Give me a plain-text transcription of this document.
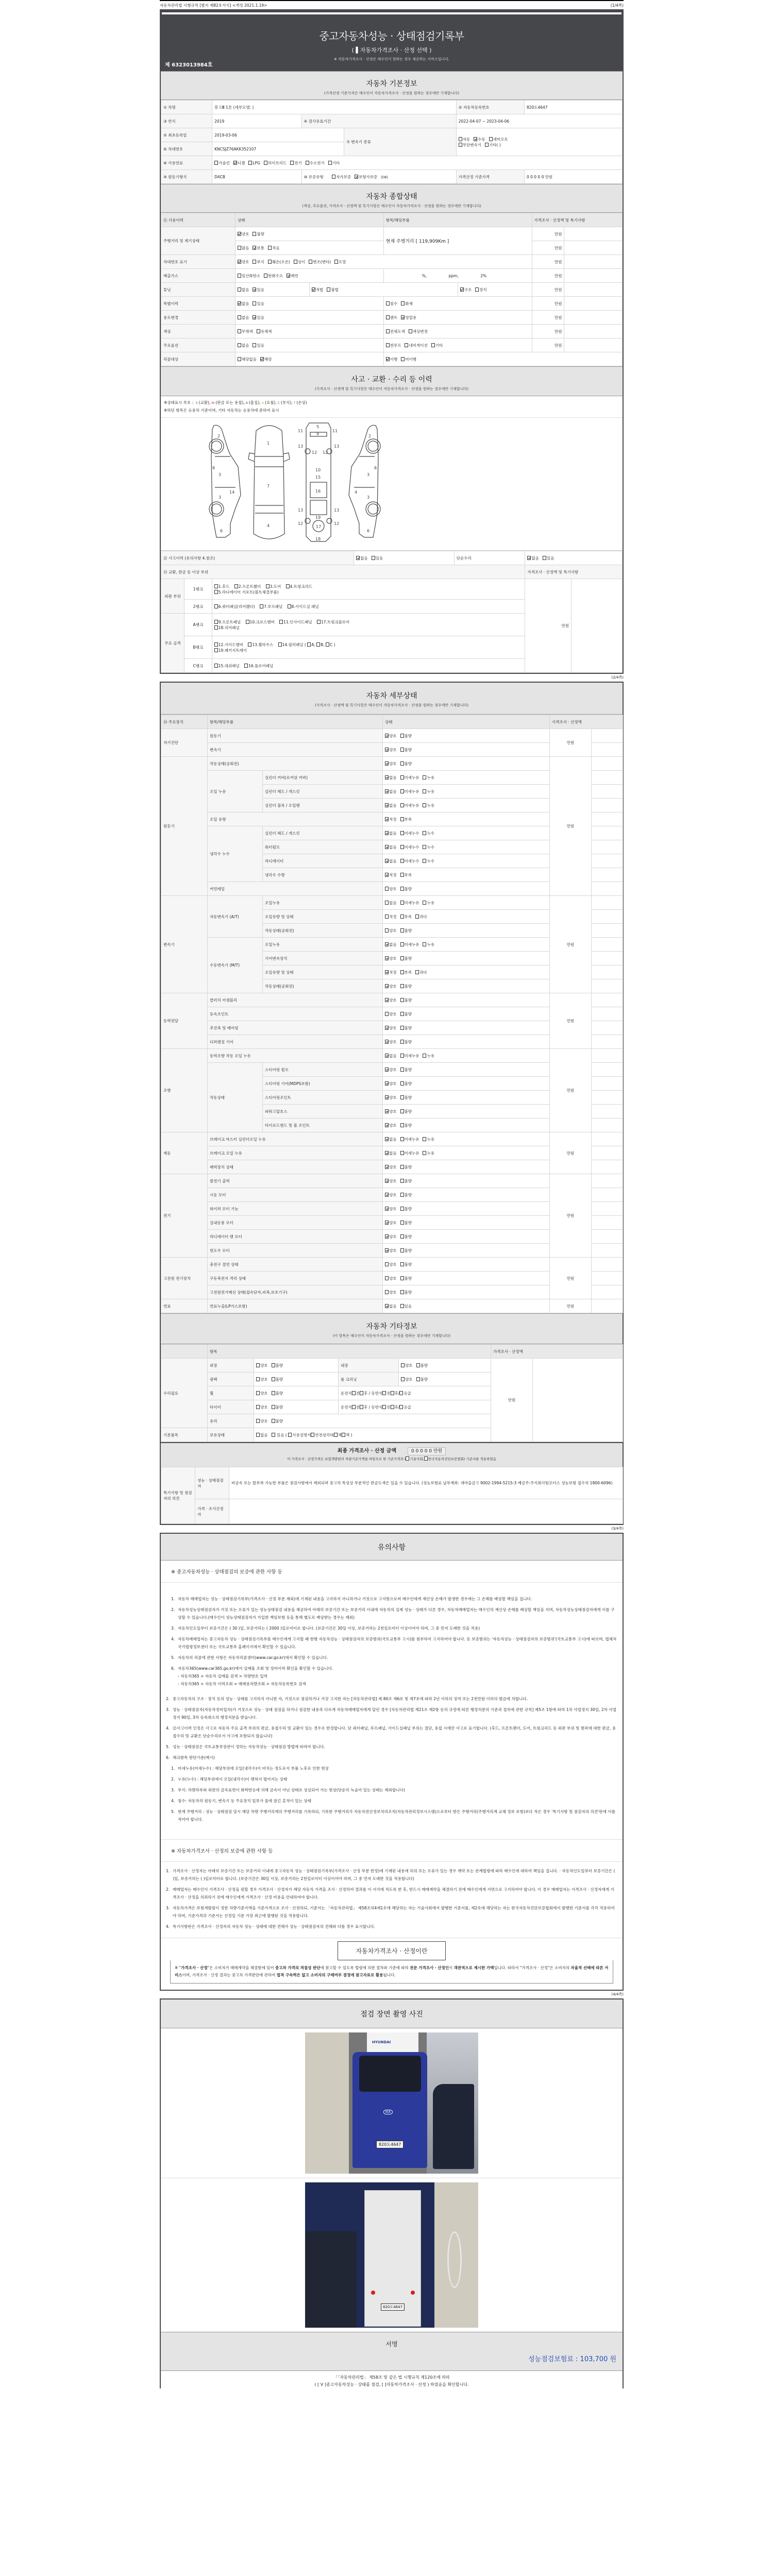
자동차관리법 시행규칙 [별지 제82호서식] <개정 2021.1.19>	(1/4쪽)
중고자동차성능 · 상태점검기록부
( ▌자동차가격조사 · 산정 선택 )
※ 자동차가격조사 · 산정은 매수인이 원하는 경우 제공하는 서비스입니다.
제 6323013984호
자동차 기본정보
(가격산정 기준가격은 매수인이 자동차가격조사 · 산정을 원하는 경우에만 기재합니다)
① 차명	봉고Ⅲ 1톤 (세부모델: )			② 자동차등록번호	820도4647
③ 연식	2019	④ 검사유효기간		2022-04-07 ~ 2023-04-06	
⑤ 최초등록일	2019-03-06		⑦ 변속기 종류	자동 수동 세미오토
무단변속기 기타( )	

⑥ 차대번호	KNCSJZ76AKK352107				
⑧ 사용연료	가솔린 디젤 LPG 하이브리드 전기 수소전기 기타				

⑨ 원동기형식	D4CB	⑩ 보증유형 자가보증 보험사보증 [DB]		가격산정 기준가격	0 0 0 0 0 만원
자동차 종합상태
(색상, 주요옵션, 가격조사 · 산정액 및 특기사항은 매수인이 자동차가격조사 · 산정을 원하는 경우에만 기재합니다)
⑪ 사용이력	상태		항목/해당부품		가격조사 · 산정액 및 특기사항	
주행거리 및 계기상태	양호 불량		현재 주행거리 [ 119,909Km ]		만원	
	많음 보통 적음				만원	
차대번호 표기	양호 부식 훼손(오손) 상이 변조(변타) 도말				만원	
배출가스	일산화탄소 탄화수소 매연		%, ppm, 2%		만원	
튜닝	없음 있음	적법 불법		구조 장치	만원	
특별이력	없음 있음		침수 화재		만원	
용도변경	없음 있음		렌트 영업용		만원	
색상	무채색 유채색		전체도색 색상변경		만원	
주요옵션	없음 있음		썬루프 네비게이션 기타		만원	
리콜대상	해당없음 해당		이행 미이행			
사고 · 교환 · 수리 등 이력
(가격조사 · 산정액 및 특기사항은 매수인이 자동차가격조사 · 산정을 원하는 경우에만 기재합니다)
※상태표시 부호 : X (교환), W (판금 또는 용접), A (흠집), U (요철), C (부식), T (손상)
※하단 항목은 승용차 기준이며, 기타 자동차는 승용차에 준하여 표시
2
3
3
8
14
6
1
7
4
5
9
10
15
16
17
18
19
11	11
13	13
12 12
13	13
12	12
2
3
3
8
4
6
⑫ 사고이력 (유의사항 4.참조)			없음 있음	단순수리	없음 있음	
⑬ 교환, 판금 등 이상 부위					가격조사 · 산정액 및 특기사항	
외판 부위	1랭크	1.후드 2.프론트휀더 3.도어 4.트렁크리드
5.라디에이터 서포트(볼트체결부품)			만원	
	2랭크	6.쿼터패널(리어휀다) 7.루프패널 8.사이드실 패널				
주요 골격	A랭크	9.프론트패널 10.크로스멤버 11.인사이드패널 17.트렁크플로어
18.리어패널				
	B랭크	12.사이드멤버 13.휠하우스 14.필러패널 ( A, B, C )
19.패키지트레이				
	C랭크	15.대쉬패널 16.플로어패널				
(2/4쪽)
자동차 세부상태
(가격조사 · 산정액 및 특기사항은 매수인이 자동차가격조사 · 산정을 원하는 경우에만 기재합니다)
⑭ 주요장치	항목/해당부품		상태	가격조사 · 산정액	
자기진단	원동기		양호 불량	만원	
	변속기		양호 불량		
원동기	작동상태(공회전)		양호 불량	만원	
	오일 누유	실린더 커버(로커암 커버)	없음 미세누유 누유		
		실린더 헤드 / 개스킷	없음 미세누유 누유		
		실린더 블록 / 오일팬	없음 미세누유 누유		
	오일 유량		적정 부족		
	냉각수 누수	실린더 헤드 / 개스킷	없음 미세누수 누수		
		워터펌프	없음 미세누수 누수		
		라디에이터	없음 미세누수 누수		
		냉각수 수량	적정 부족		
	커먼레일		양호 불량		
변속기	자동변속기 (A/T)	오일누유	없음 미세누유 누유	만원	
		오일유량 및 상태	적정 부족 과다		
		작동상태(공회전)	양호 불량		
	수동변속기 (M/T)	오일누유	없음 미세누유 누유		
		기어변속장치	양호 불량		
		오일유량 및 상태	적정 부족 과다		
		작동상태(공회전)	양호 불량		
동력전달	클러치 어셈블리		양호 불량	만원	
	등속조인트		양호 불량		
	추진축 및 베어링		양호 불량		
	디퍼렌셜 기어		양호 불량		
조향	동력조향 작동 오일 누유		없음 미세누유 누유	만원	
	작동상태	스티어링 펌프	양호 불량		
		스티어링 기어(MDPS포함)	양호 불량		
		스티어링조인트	양호 불량		
		파워고압호스	양호 불량		
		타이로드엔드 및 볼 조인트	양호 불량		
제동	브레이크 마스터 실린더오일 누유		없음 미세누유 누유	만원	
	브레이크 오일 누유		없음 미세누유 누유		
	배력장치 상태		양호 불량		
전기	발전기 출력		양호 불량	만원	
	시동 모터		양호 불량		
	와이퍼 모터 기능		양호 불량		
	실내송풍 모터		양호 불량		
	라디에이터 팬 모터		양호 불량		
	윈도우 모터		양호 불량		
고전원 전기장치	충전구 절연 상태		양호 불량	만원	
	구동축전지 격리 상태		양호 불량		
	고전원전기배선 상태(접속단자,피복,보호기구)		양호 불량		
연료	연료누출(LP가스포함)		없음 있음	만원	
자동차 기타정보
(이 항목은 매수인이 자동차가격조사 · 산정을 원하는 경우에만 기재합니다)
	항목				가격조사 · 산정액	
수리필요	외장	양호 불량	내장	양호 불량	만원	
	광택	양호 불량	룸 크리닝	양호 불량		
	휠	양호 불량	운전석 전 후 / 동반석 전 후/ 응급			
	타이어	양호 불량	운전석 전 후 / 동반석 전 후/ 응급			
	유리	양호 불량				
기본품목	보유상태	없음 있음 ( 사용설명서 안전삼각대 잭 잭 )				
최종 가격조사 · 산정 금액	0 0 0 0 0 만원
이 가격조사 · 산정가격은 보험개발원의 차량기준가액을 바탕으로 한 기준가격과 ( 기술사회, 한국자동차진단보증협회) 기준서를 적용하였음
특기사항 및 점검자의 의견	성능 · 상태점검자	비금속 또는 탈부착 가능한 부품은 점검사항에서 제외되며 중고차 특성상 부분적인 판금도색은 있을 수 있습니다. (성능보험료 납부계좌: 새마을금고 9002-1994-5215-3 예금주:주식회사팀모터스 성능보험 접수처 1800-6096)
	가격 · 조사산정자	
(3/4쪽)
유의사항
※ 중고자동차성능 · 상태점검의 보증에 관한 사항 등

1. 자동차 매매업자는 성능 · 상태점검기록부(가격조사 · 산정 부분 제외)에 기재된 내용을 고지하지 아니하거나 거짓으로 고지함으로써 매수인에게 재산상 손해가 발생한 경우에는 그 손해를 배상할 책임을 집니다.

2. 자동차성능상태점검자가 거짓 또는 오류가 있는 성능상태점검 내용을 제공하여 아래의 보증기간 또는 보증거리 이내에 자동차의 실제 성능 · 상태가 다른 경우, 자동차매매업자는 매수인의 재산상 손해를 배상할 책임을 지며, 자동차성능상태점검자에게 이를 구상할 수 있습니다.(매수인이 성능상태점검자가 가입한 책임보험 등을 통해 별도로 배상받는 경우는 제외)

3. 자동차인도일부터 보증기간은 ( 30 )일, 보증거리는 ( 2000 )킬로미터로 합니다. (보증기간은 30일 이상, 보증거리는 2천킬로미터 이상이어야 하며, 그 중 먼저 도래한 것을 적용)

4. 자동차매매업자는 중고자동차 성능 · 상태점검기록부를 매수인에게 고지할 때 현행 자동차성능 · 상태점검자의 보증범위(국토교통부 고시)를 첨부하여 고지하여야 합니다. 동 보증범위는 '자동차성능 · 상태점검자의 보증범위'(국토교통부 고시)에 따르며, 법제처 국가법령정보센터 또는 국토교통부 홈페이지에서 확인할 수 있습니다.

5. 자동차의 리콜에 관한 사항은 자동차리콜센터(www.car.go.kr)에서 확인할 수 있습니다.

6. 자동차365(www.car365.go.kr)에서 실매물 조회 및 정비이력 확인을 확인할 수 있습니다.
- 자동차365 > 자동차 실매물 검색 > 차량번호 입력
- 자동차365 > 자동차 이력조회 > 매매용차량조회 > 자동차등록번호 검색

2. 중고자동차의 구조 · 장치 등의 성능 · 상태를 고지하지 아니한 자, 거짓으로 점검하거나 거짓 고지한 자는 [자동차관리법] 제 80조 제6호 및 제7호에 따라 2년 이하의 징역 또는 2천만원 이하의 벌금에 처합니다.

3. 성능 · 상태점검자(자동차정비업자)가 거짓으로 성능 · 상태 점검을 하거나 점검한 내용과 다르게 자동차매매업자에게 알린 경우 [자동차관리법 제21조 제2항 등의 규정에 따른 행정처분의 기준과 절차에 관한 규칙] 제5조 1항에 따라 1차 사업정지 30일, 2차 사업정지 90일, 3차 등록취소의 행정처분을 받습니다.

4. ⑫사고이력 인정은 사고로 자동차 주요 골격 부위의 판금, 용접수리 및 교환이 있는 경우로 한정합니다. 단 쿼터패널, 루프패널, 사이드실패널 부위는 절단, 용접 시에만 사고로 표기합니다. (후드, 프론트펜더, 도어, 트렁크리드 등 외판 부위 및 범퍼에 대한 판금, 용접수리 및 교환은 단순수리로서 사고에 포함되지 않습니다)

5. 성능 · 상태점검은 국토교통부장관이 정하는 자동차성능 · 상태점검 방법에 따라야 합니다.

6. 체크항목 판단기준(예시)

1. 미세누유(미세누수) : 해당부위에 오일(냉각수)이 비치는 정도로서 부품 노후로 인한 현상

2. 누유(누수) : 해당부위에서 오일(냉각수)이 맺혀서 떨어지는 상태

3. 부식: 차량하부와 외판의 금속표면이 화학반응에 의해 금속이 아닌 상태로 상실되어 가는 현상(단순히 녹슬어 있는 상태는 제외합니다)

4. 침수: 자동차의 원동기, 변속기 등 주요장치 일부가 물에 잠긴 흔적이 있는 상태

5. 현재 주행거리 : 성능 · 상태점검 당시 해당 차량 주행거리계의 주행거리를 기록하되, 기록한 주행거리가 자동차전산정보처리조직(자동차관리정보시스템)으로부터 받은 주행거리(주행거리계 교체 정보 포함)보다 적은 경우 '특기사항 및 점검자의 의견'란에 이를 적어야 합니다.

※ 자동차가격조사 · 산정의 보증에 관한 사항 등

1. 가격조사 · 산정자는 아래의 보증기간 또는 보증거리 이내에 중고자동차 성능 · 상태점검기록부(가격조사 · 산정 부분 한정)에 기재된 내용에 허위 또는 오류가 있는 경우 계약 또는 관계법령에 따라 매수인에 대하여 책임을 집니다. · 자동차인도일부터 보증기간은 ( )일, 보증거리는 ( )킬로미터로 합니다. (보증기간은 30일 이상, 보증거리는 2천킬로미터 이상이어야 하며, 그 중 먼저 도래한 것을 적용합니다)

2. 매매업자는 매수인이 가격조사 · 산정을 원할 경우 가격조사 · 산정자가 해당 자동차 가격을 조사 · 산정하여 결과를 이 서식에 적도록 한 후, 반드시 매매계약을 체결하기 전에 매수인에게 서면으로 고지하여야 합니다. 이 경우 매매업자는 가격조사 · 산정자에게 가격조사 · 산정을 의뢰하기 전에 매수인에게 가격조사 · 산정 비용을 안내하여야 합니다.

3. 자동차가격은 보험개발원이 정한 차량기준가액을 기준가격으로 조사 · 산정하되, 기준서는 「자동차관리법」 제58조의4제1호에 해당하는 자는 기술사회에서 발행한 기준서를, 제2호에 해당하는 자는 한국자동차진단보증협회에서 발행한 기준서를 각각 적용하여야 하며, 기준가격과 기준서는 산정일 기준 가장 최근에 발행된 것을 적용합니다.

4. 특기사항란은 가격조사 · 산정자의 자동차 성능 · 상태에 대한 견해가 성능 · 상태점검자의 견해와 다를 경우 표시합니다.

자동차가격조사 · 산정이란
※ "가격조사 · 산정"은 소비자가 매매계약을 체결함에 있어 중고차 가격의 적절성 판단에 참고할 수 있도록 법령에 의한 절차와 기준에 따라 전문 가격조사 · 산정인이 객관적으로 제시한 가액입니다. 따라서 "가격조사 · 산정"은 소비자의 자율적 선택에 따른 서비스이며, 가격조사 · 산정 결과는 중고차 가격판단에 관하여 법적 구속력은 없고 소비자의 구매여부 결정에 참고자료로 활용됩니다.
(4/4쪽)
점검 장면 촬영 사진
HYUNDAI
KIA
820도4647
820도4647
서명
성능점검보험료 : 103,700 원
「「자동차관리법」 제58조 및 같은 법 시행규칙 제120조에 따라
( [ V ]중고자동차성능 · 상태를 점검, [ ]자동차가격조사 · 산정 ) 하였음을 확인합니다.
